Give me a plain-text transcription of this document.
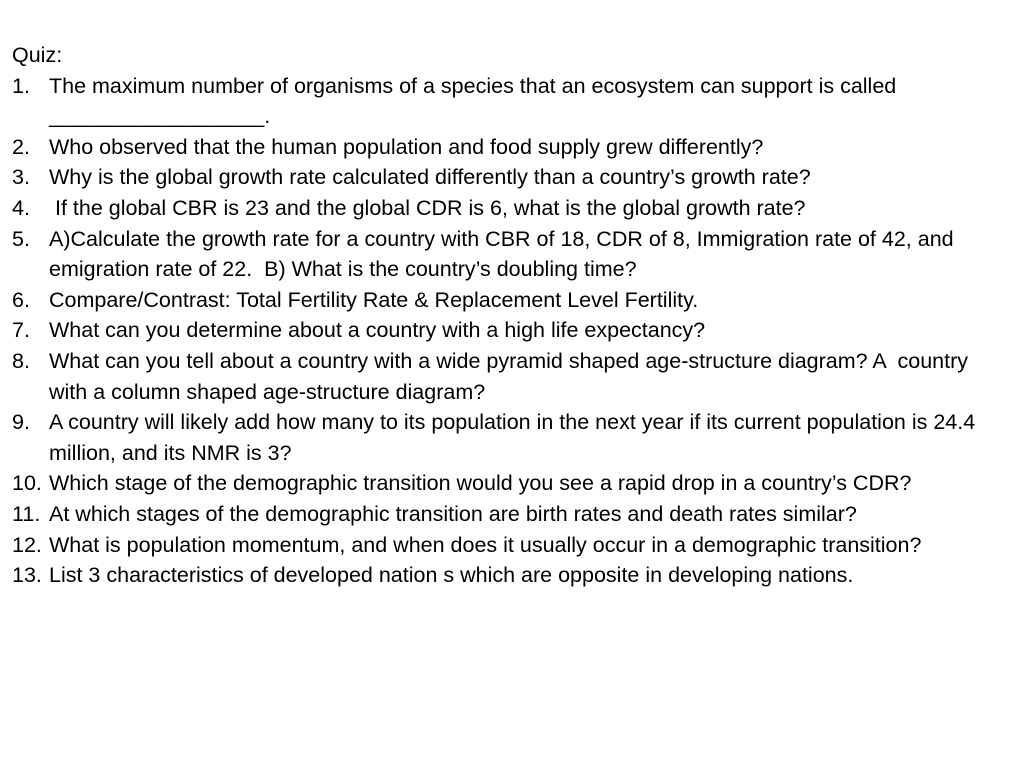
Quiz:
1. The maximum number of organisms of a species that an ecosystem can support is called __________________.
2. Who observed that the human population and food supply grew differently?
3. Why is the global growth rate calculated differently than a country’s growth rate?
4. If the global CBR is 23 and the global CDR is 6, what is the global growth rate?
5. A)Calculate the growth rate for a country with CBR of 18, CDR of 8, Immigration rate of 42, and emigration rate of 22.  B) What is the country’s doubling time?
6. Compare/Contrast: Total Fertility Rate & Replacement Level Fertility.
7. What can you determine about a country with a high life expectancy?
8. What can you tell about a country with a wide pyramid shaped age-structure diagram? A  country with a column shaped age-structure diagram?
9. A country will likely add how many to its population in the next year if its current population is 24.4 million, and its NMR is 3?
10. Which stage of the demographic transition would you see a rapid drop in a country’s CDR?
11. At which stages of the demographic transition are birth rates and death rates similar?
12. What is population momentum, and when does it usually occur in a demographic transition?
13. List 3 characteristics of developed nation s which are opposite in developing nations.
